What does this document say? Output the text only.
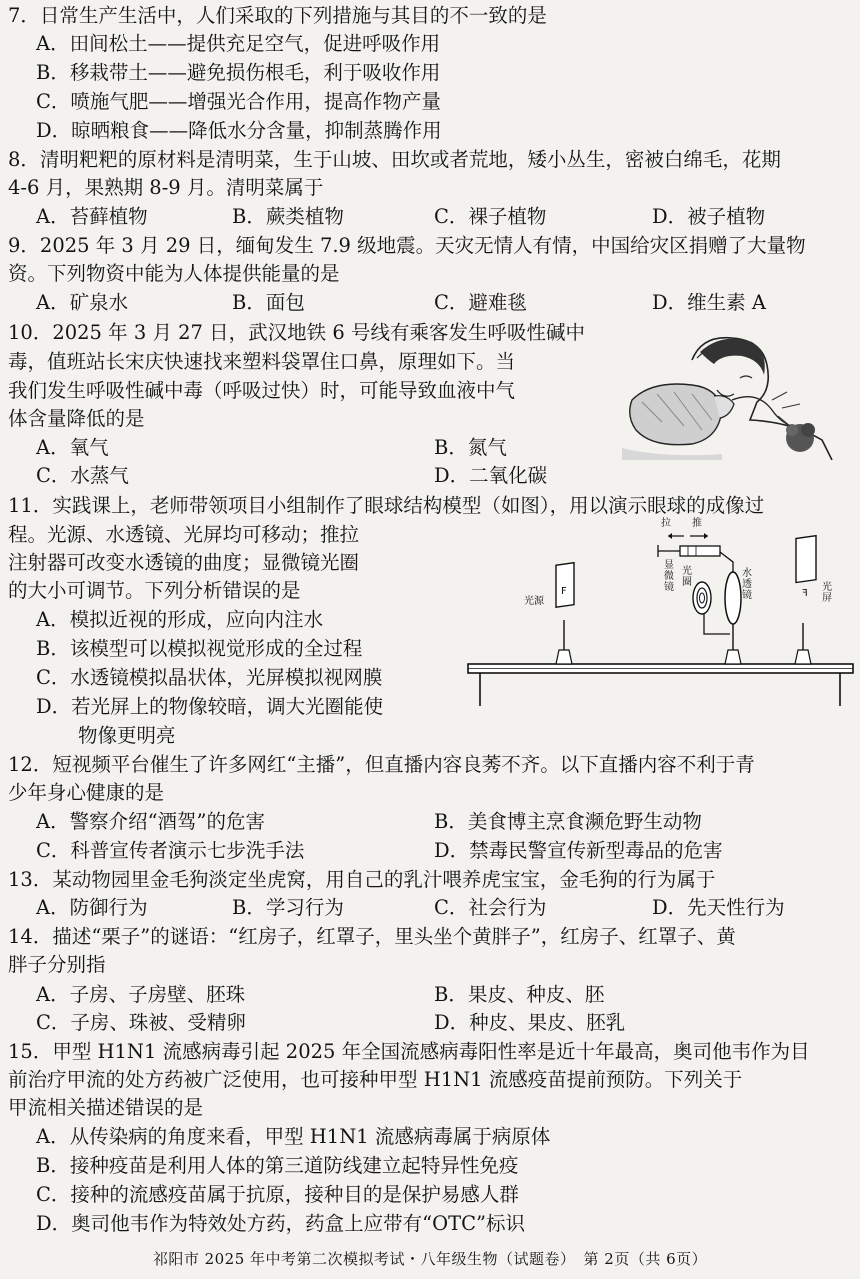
7．日常生产生活中，人们采取的下列措施与其目的不一致的是
A．田间松土——提供充足空气，促进呼吸作用
B．移栽带土——避免损伤根毛，利于吸收作用
C．喷施气肥——增强光合作用，提高作物产量
D．晾晒粮食——降低水分含量，抑制蒸腾作用
8．清明粑粑的原材料是清明菜，生于山坡、田坎或者荒地，矮小丛生，密被白绵毛，花期
4-6 月，果熟期 8-9 月。清明菜属于
A．苔藓植物	B．蕨类植物	C．裸子植物	D．被子植物
9．2025 年 3 月 29 日，缅甸发生 7.9 级地震。天灾无情人有情，中国给灾区捐赠了大量物
资。下列物资中能为人体提供能量的是
A．矿泉水	B．面包	C．避难毯	D．维生素 A
10．2025 年 3 月 27 日，武汉地铁 6 号线有乘客发生呼吸性碱中
毒，值班站长宋庆快速找来塑料袋罩住口鼻，原理如下。当
我们发生呼吸性碱中毒（呼吸过快）时，可能导致血液中气
体含量降低的是
A．氧气	B．氮气
C．水蒸气	D．二氧化碳
11．实践课上，老师带领项目小组制作了眼球结构模型（如图），用以演示眼球的成像过
程。光源、水透镜、光屏均可移动；推拉
注射器可改变水透镜的曲度；显微镜光圈
的大小可调节。下列分析错误的是
A．模拟近视的形成，应向内注水
B．该模型可以模拟视觉形成的全过程
C．水透镜模拟晶状体，光屏模拟视网膜
D．若光屏上的物像较暗，调大光圈能使
物像更明亮
拉 推
光源
F
显微镜
光圈
水透镜	F
光屏
12．短视频平台催生了许多网红“主播”，但直播内容良莠不齐。以下直播内容不利于青
少年身心健康的是
A．警察介绍“酒驾”的危害	B．美食博主烹食濒危野生动物
C．科普宣传者演示七步洗手法	D．禁毒民警宣传新型毒品的危害
13．某动物园里金毛狗淡定坐虎窝，用自己的乳汁喂养虎宝宝，金毛狗的行为属于
A．防御行为	B．学习行为	C．社会行为	D．先天性行为
14．描述“栗子”的谜语：“红房子，红罩子，里头坐个黄胖子”，红房子、红罩子、黄
胖子分别指
A．子房、子房壁、胚珠	B．果皮、种皮、胚
C．子房、珠被、受精卵	D．种皮、果皮、胚乳
15．甲型 H1N1 流感病毒引起 2025 年全国流感病毒阳性率是近十年最高，奥司他韦作为目
前治疗甲流的处方药被广泛使用，也可接种甲型 H1N1 流感疫苗提前预防。下列关于
甲流相关描述错误的是
A．从传染病的角度来看，甲型 H1N1 流感病毒属于病原体
B．接种疫苗是利用人体的第三道防线建立起特异性免疫
C．接种的流感疫苗属于抗原，接种目的是保护易感人群
D．奥司他韦作为特效处方药，药盒上应带有“OTC”标识
祁阳市 2025 年中考第二次模拟考试・八年级生物（试题卷）　第 2页（共 6页）
